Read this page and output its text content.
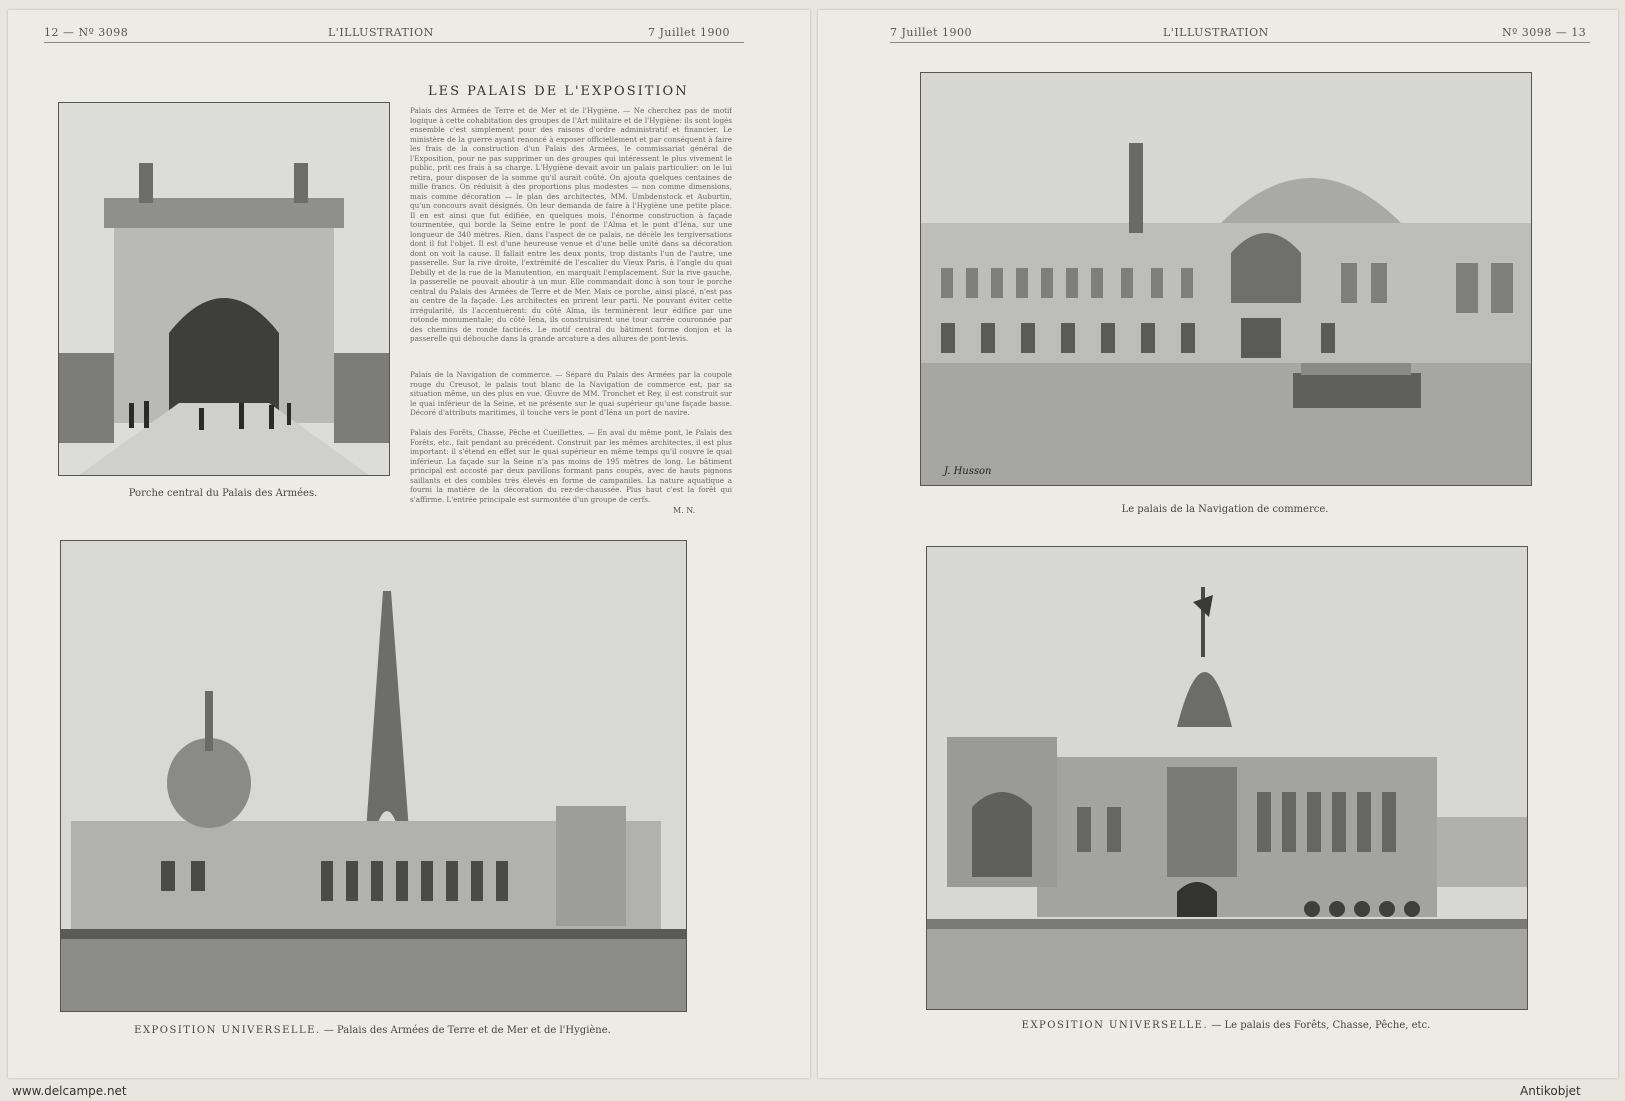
12 — Nº 3098	L'ILLUSTRATION	7 Juillet 1900
Porche central du Palais des Armées.
LES PALAIS DE L'EXPOSITION
Palais des Armées de Terre et de Mer et de l'Hygiène. — Ne cherchez pas de motif logique à cette cohabitation des groupes de l'Art militaire et de l'Hygiène: ils sont logés ensemble c'est simplement pour des raisons d'ordre administratif et financier. Le ministère de la guerre ayant renoncé à exposer officiellement et par conséquent à faire les frais de la construction d'un Palais des Armées, le commissariat général de l'Exposition, pour ne pas supprimer un des groupes qui intéressent le plus vivement le public, prit ces frais à sa charge. L'Hygiène devait avoir un palais particulier: on le lui retira, pour disposer de la somme qu'il aurait coûté. On ajouta quelques centaines de mille francs. On réduisit à des proportions plus modestes — non comme dimensions, mais comme décoration — le plan des architectes, MM. Umbdenstock et Auburtin, qu'un concours avait désignés. On leur demanda de faire à l'Hygiène une petite place. Il en est ainsi que fut édifiée, en quelques mois, l'énorme construction à façade tourmentée, qui borde la Seine entre le pont de l'Alma et le pont d'Iéna, sur une longueur de 340 mètres. Rien, dans l'aspect de ce palais, ne décèle les tergiversations dont il fut l'objet. Il est d'une heureuse venue et d'une belle unité dans sa décoration dont on voit la cause. Il fallait entre les deux ponts, trop distants l'un de l'autre, une passerelle. Sur la rive droite, l'extrémité de l'escalier du Vieux Paris, à l'angle du quai Debilly et de la rue de la Manutention, en marquait l'emplacement. Sur la rive gauche, la passerelle ne pouvait aboutir à un mur. Elle commandait donc à son tour le porche central du Palais des Armées de Terre et de Mer. Mais ce porche, ainsi placé, n'est pas au centre de la façade. Les architectes en prirent leur parti. Ne pouvant éviter cette irrégularité, ils l'accentuèrent: du côté Alma, ils terminèrent leur édifice par une rotonde monumentale; du côté Iéna, ils construisirent une tour carrée couronnée par des chemins de ronde facticés. Le motif central du bâtiment forme donjon et la passerelle qui débouche dans la grande arcature a des allures de pont-levis.
Palais de la Navigation de commerce. — Séparé du Palais des Armées par la coupole rouge du Creusot, le palais tout blanc de la Navigation de commerce est, par sa situation même, un des plus en vue. Œuvre de MM. Tronchet et Rey, il est construit sur le quai inférieur de la Seine, et ne présente sur le quai supérieur qu'une façade basse. Décoré d'attributs maritimes, il touche vers le pont d'Iéna un port de navire.
Palais des Forêts, Chasse, Pêche et Cueillettes. — En aval du même pont, le Palais des Forêts, etc., fait pendant au précédent. Construit par les mêmes architectes, il est plus important: il s'étend en effet sur le quai supérieur en même temps qu'il couvre le quai inférieur. La façade sur la Seine n'a pas moins de 195 mètres de long. Le bâtiment principal est accosté par deux pavillons formant pans coupés, avec de hauts pignons saillants et des combles très élevés en forme de campaniles. La nature aquatique a fourni la matière de la décoration du rez-de-chaussée. Plus haut c'est la forêt qui s'affirme. L'entrée principale est surmontée d'un groupe de cerfs.
M. N.
EXPOSITION UNIVERSELLE. — Palais des Armées de Terre et de Mer et de l'Hygiène.
www.delcampe.net
7 Juillet 1900	L'ILLUSTRATION	Nº 3098 — 13
J. Husson
Le palais de la Navigation de commerce.
EXPOSITION UNIVERSELLE. — Le palais des Forêts, Chasse, Pêche, etc.
Antikobjet
